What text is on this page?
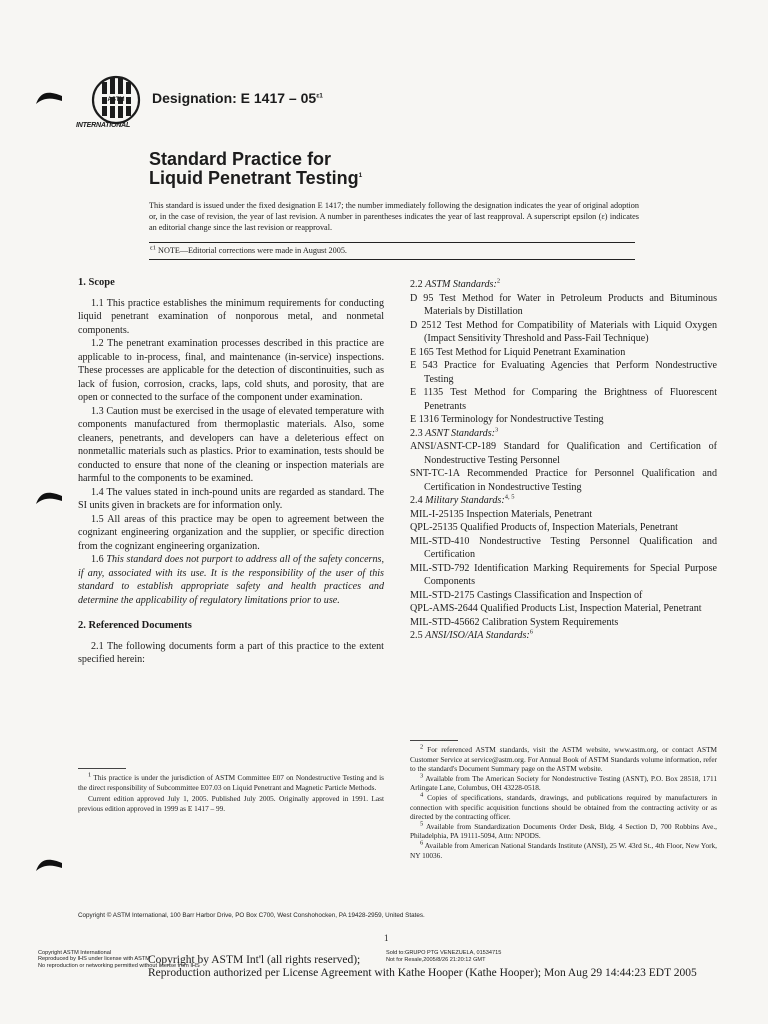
ASTM
INTERNATIONAL
Designation: E $1417 - 05^{\varepsilon 1}$
Standard Practice for
Liquid Penetrant Testing$^1$
This standard is issued under the fixed designation E 1417; the number immediately following the designation indicates the year of original adoption or, in the case of revision, the year of last revision. A number in parentheses indicates the year of last reapproval. A superscript epsilon (ε) indicates an editorial change since the last revision or reapproval.
$^{\varepsilon 1}$ NOTE—Editorial corrections were made in August 2005.
1. Scope

1.1 This practice establishes the minimum requirements for conducting liquid penetrant examination of nonporous metal, and nonmetal components.

1.2 The penetrant examination processes described in this practice are applicable to in-process, final, and maintenance (in-service) inspections. These processes are applicable for the detection of discontinuities, such as lack of fusion, corrosion, cracks, laps, cold shuts, and porosity, that are open or connected to the surface of the component under examination.

1.3 Caution must be exercised in the usage of elevated temperature with components manufactured from thermoplastic materials. Also, some cleaners, penetrants, and developers can have a deleterious effect on nonmetallic materials such as plastics. Prior to examination, tests should be conducted to ensure that none of the cleaning or inspection materials are harmful to the components to be examined.

1.4 The values stated in inch-pound units are regarded as standard. The SI units given in brackets are for information only.

1.5 All areas of this practice may be open to agreement between the cognizant engineering organization and the supplier, or specific direction from the cognizant engineering organization.

1.6 This standard does not purport to address all of the safety concerns, if any, associated with its use. It is the responsibility of the user of this standard to establish appropriate safety and health practices and determine the applicability of regulatory limitations prior to use.

2. Referenced Documents

2.1 The following documents form a part of this practice to the extent specified herein:

2.2 ASTM Standards:$^2$
D 95 Test Method for Water in Petroleum Products and Bituminous Materials by Distillation
D 2512 Test Method for Compatibility of Materials with Liquid Oxygen (Impact Sensitivity Threshold and Pass-Fail Technique)
E 165 Test Method for Liquid Penetrant Examination
E 543 Practice for Evaluating Agencies that Perform Nondestructive Testing
E 1135 Test Method for Comparing the Brightness of Fluorescent Penetrants
E 1316 Terminology for Nondestructive Testing
2.3 ASNT Standards:$^3$
ANSI/ASNT-CP-189 Standard for Qualification and Certification of Nondestructive Testing Personnel
SNT-TC-1A Recommended Practice for Personnel Qualification and Certification in Nondestructive Testing
2.4 Military Standards:$^{4, 5}$
MIL-I-25135 Inspection Materials, Penetrant
QPL-25135 Qualified Products of, Inspection Materials, Penetrant
MIL-STD-410 Nondestructive Testing Personnel Qualification and Certification
MIL-STD-792 Identification Marking Requirements for Special Purpose Components
MIL-STD-2175 Castings Classification and Inspection of
QPL-AMS-2644 Qualified Products List, Inspection Material, Penetrant
MIL-STD-45662 Calibration System Requirements
2.5 ANSI/ISO/AIA Standards:$^6$

$^1$ This practice is under the jurisdiction of ASTM Committee E07 on Nondestructive Testing and is the direct responsibility of Subcommittee E07.03 on Liquid Penetrant and Magnetic Particle Methods.

Current edition approved July 1, 2005. Published July 2005. Originally approved in 1991. Last previous edition approved in 1999 as E 1417 – 99.

$^2$ For referenced ASTM standards, visit the ASTM website, www.astm.org, or contact ASTM Customer Service at service@astm.org. For Annual Book of ASTM Standards volume information, refer to the standard's Document Summary page on the ASTM website.

$^3$ Available from The American Society for Nondestructive Testing (ASNT), P.O. Box 28518, 1711 Arlingate Lane, Columbus, OH 43228-0518.

$^4$ Copies of specifications, standards, drawings, and publications required by manufacturers in connection with specific acquisition functions should be obtained from the contracting activity or as directed by the contracting officer.

$^5$ Available from Standardization Documents Order Desk, Bldg. 4 Section D, 700 Robbins Ave., Philadelphia, PA 19111-5094, Attn: NPODS.

$^6$ Available from American National Standards Institute (ANSI), 25 W. 43rd St., 4th Floor, New York, NY 10036.

Copyright © ASTM International, 100 Barr Harbor Drive, PO Box C700, West Conshohocken, PA 19428-2959, United States.
1
Copyright ASTM International
Reproduced by IHS under license with ASTM
No reproduction or networking permitted without license from IHS
Copyright by ASTM Int'l (all rights reserved);
Reproduction authorized per License Agreement with Kathe Hooper (Kathe Hooper); Mon Aug 29 14:44:23 EDT 2005
Sold to:GRUPO PTG VENEZUELA, 01534715
Not for Resale,2005/8/26 21:20:12 GMT
